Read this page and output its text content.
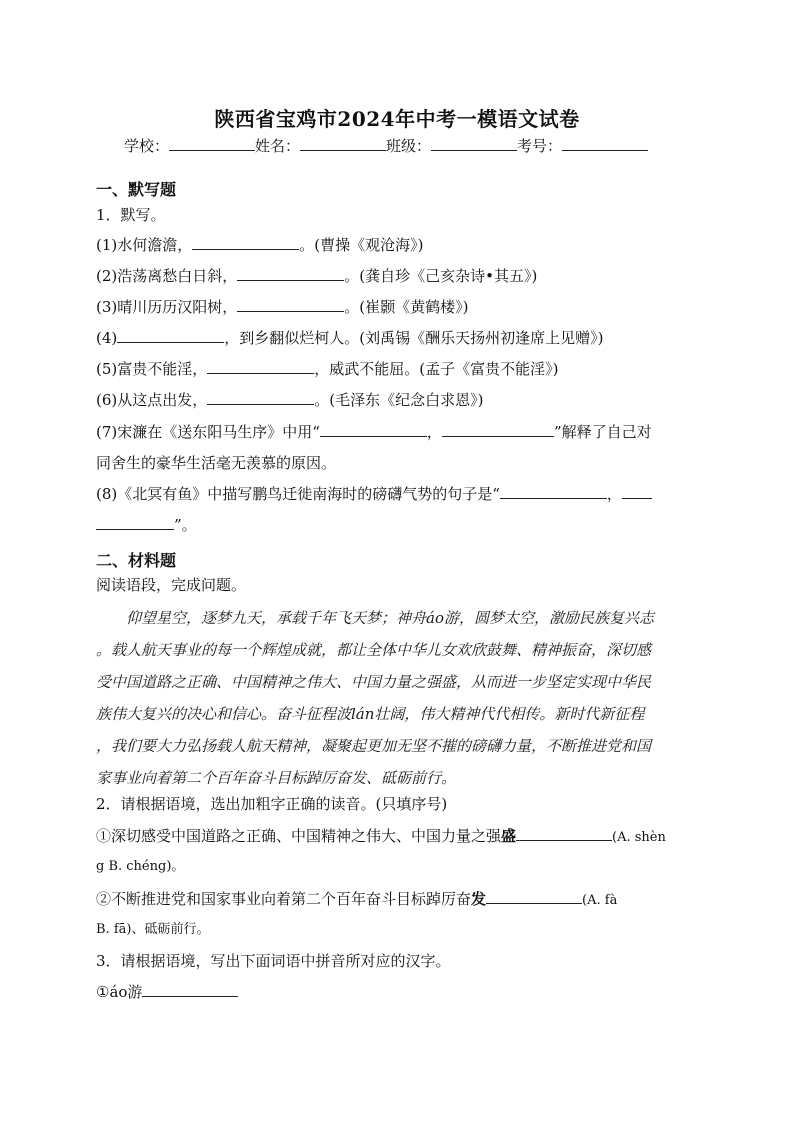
陕西省宝鸡市2024年中考一模语文试卷
学校：	姓名：	班级：	考号：
一、默写题
1．默写。
(1)水何澹澹，	。(曹操《观沧海》)
(2)浩荡离愁白日斜，	。(龚自珍《己亥杂诗•其五》)
(3)晴川历历汉阳树，	。(崔颢《黄鹤楼》)
(4)	，到乡翻似烂柯人。(刘禹锡《酬乐天扬州初逢席上见赠》)
(5)富贵不能淫，	，威武不能屈。(孟子《富贵不能淫》)
(6)从这点出发，	。(毛泽东《纪念白求恩》)
(7)宋濂在《送东阳马生序》中用“	，	”解释了自己对
同舍生的豪华生活毫无羡慕的原因。
(8)《北冥有鱼》中描写鹏鸟迁徙南海时的磅礴气势的句子是“	，
”。
二、材料题
阅读语段，完成问题。
仰望星空，逐梦九天，承载千年飞天梦；神舟áo游，圆梦太空，激励民族复兴志
。载人航天事业的每一个辉煌成就，都让全体中华儿女欢欣鼓舞、精神振奋，深切感
受中国道路之正确、中国精神之伟大、中国力量之强盛，从而进一步坚定实现中华民
族伟大复兴的决心和信心。奋斗征程波lán壮阔，伟大精神代代相传。新时代新征程
，我们要大力弘扬载人航天精神，凝聚起更加无坚不摧的磅礴力量，不断推进党和国
家事业向着第二个百年奋斗目标踔厉奋发、砥砺前行。
2．请根据语境，选出加粗字正确的读音。(只填序号)
①深切感受中国道路之正确、中国精神之伟大、中国力量之强盛	(A. shèn
g B. chéng)。
②不断推进党和国家事业向着第二个百年奋斗目标踔厉奋发	(A. fà
B. fā)、砥砺前行。
3．请根据语境，写出下面词语中拼音所对应的汉字。
①áo游
